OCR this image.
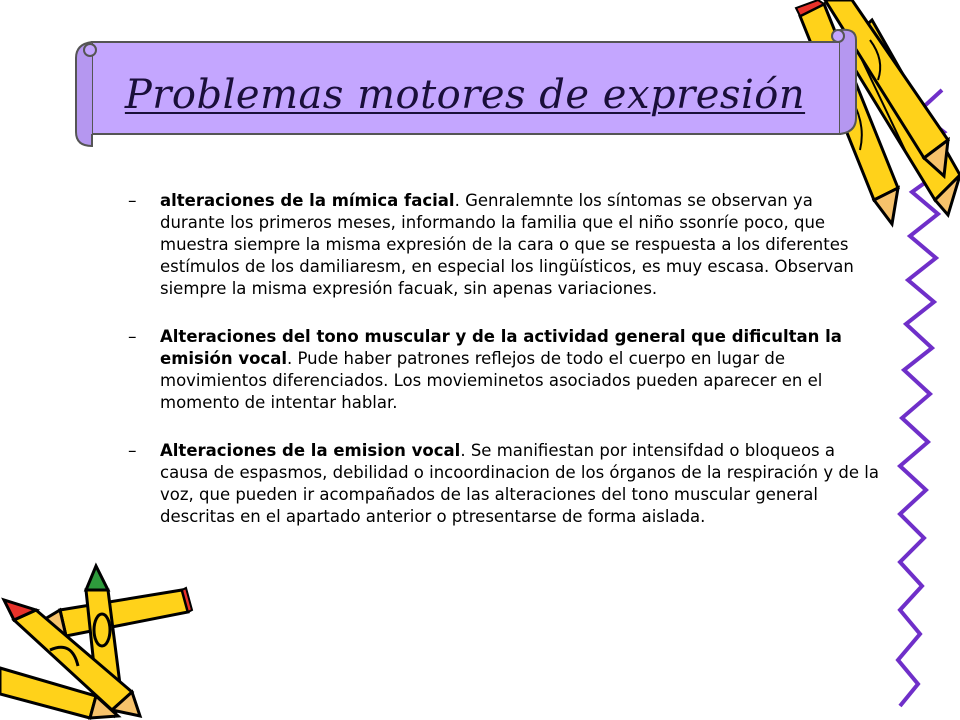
Problemas motores de expresión
–	alteraciones de la mímica facial. Genralemnte los síntomas se observan ya durante los primeros meses, informando la familia que el niño ssonríe poco, que muestra siempre la misma expresión de la cara o que se respuesta a los diferentes estímulos de los damiliaresm, en especial los lingüísticos, es muy escasa. Observan siempre la misma expresión facuak, sin apenas variaciones.
–	Alteraciones del tono muscular y de la actividad general que dificultan la emisión vocal. Pude haber patrones reflejos de todo el cuerpo en lugar de movimientos diferenciados. Los movieminetos asociados pueden aparecer en el momento de intentar hablar.
–	Alteraciones de la emision vocal. Se manifiestan por intensifdad o bloqueos a causa de espasmos, debilidad o incoordinacion de los órganos de la respiración y de la voz, que pueden ir acompañados de las alteraciones del tono muscular general descritas en el apartado anterior o ptresentarse de forma aislada.
